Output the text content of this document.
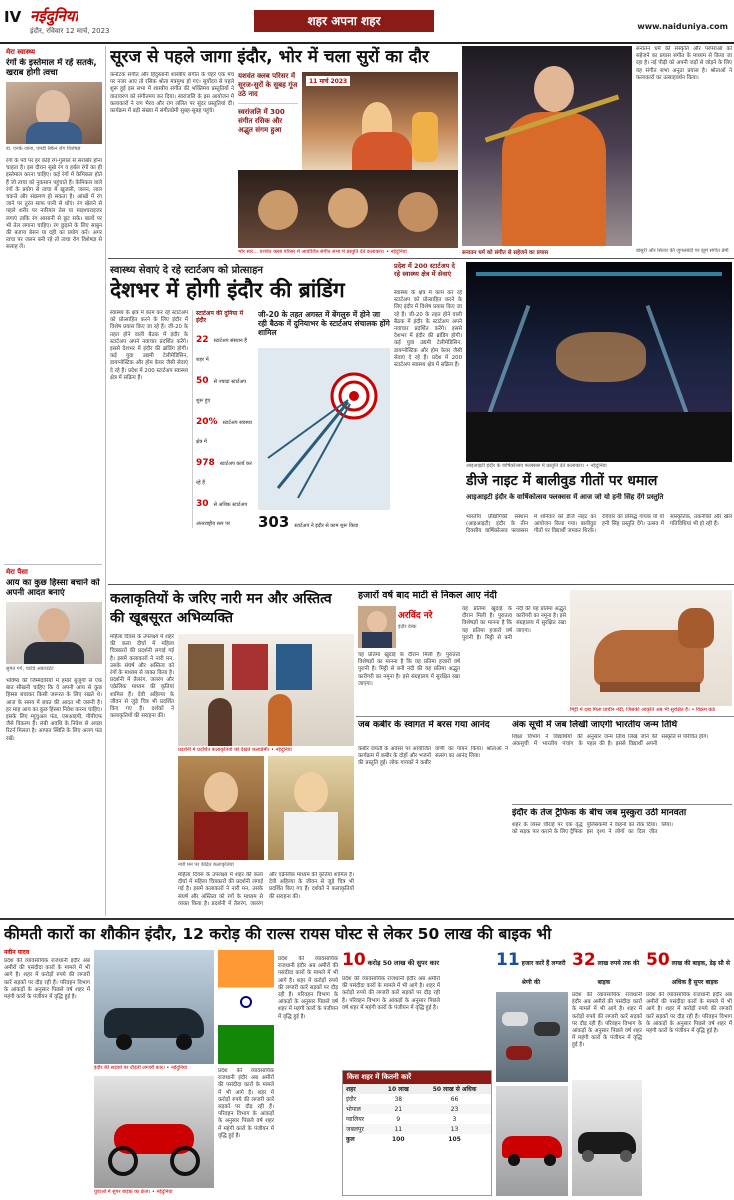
IV नईदुनिया
इंदौर, रविवार 12 मार्च, 2023
शहर अपना शहर	www.naiduniya.com
मेरा स्वास्थ्य
रंगों के इस्तेमाल में रहें सतर्क, खराब होगी त्वचा
डा. एनके जाना, एमडी स्किन रोग विशेषज्ञ
रंगों के पर्व पर हर कोई रंग-गुलाल से सराबोर होना चाहता है। इस दौरान सूखे रंग व हर्बल रंगों का ही इस्तेमाल करना चाहिए। कई रंगों में केमिकल होते हैं जो त्वचा को नुकसान पहुंचाते हैं। केमिकल वाले रंगों के प्रयोग से त्वचा में खुजली, जलन, लाल चकत्ते और संक्रमण हो सकता है। आंखों में रंग जाने पर तुरंत साफ पानी से धोएं। रंग खेलने से पहले शरीर पर नारियल तेल या माइश्चराइजर लगाएं ताकि रंग आसानी से छूट सके। बालों पर भी तेल लगाना चाहिए। रंग छुड़ाने के लिए साबुन की बजाय बेसन या दही का प्रयोग करें। अगर त्वचा पर जलन बनी रहे तो त्वचा रोग विशेषज्ञ से सलाह लें।
मेरा पैसा
आय का कुछ हिस्सा बचाने को अपनी आदत बनाएं
सुमंत गर्ग, चार्टर्ड अकाउंटेंट
भविष्य की जिम्मेदारियों में हमारे बुजुर्गों से एक बात सीखनी चाहिए कि वे अपनी आय से कुछ हिस्सा बचाकर किसी जरूरत के लिए रखते थे। आज के समय में बचत की आदत भी जरूरी है। हर माह आय का कुछ हिस्सा निवेश करना चाहिए। इसके लिए म्यूचुअल फंड, एसआइपी, पीपीएफ जैसे विकल्प हैं। लंबी अवधि के निवेश से अच्छा रिटर्न मिलता है। आपात स्थिति के लिए अलग फंड रखें।
सूरज से पहले जागा इंदौर, भोर में चला सुरों का दौर
कर्नाटक संगीत और हिंदुस्तानी शास्त्रीय संगीत के चेहरे एक मंच पर नजर आए तो रसिक श्रोता मंत्रमुग्ध हो गए। सूर्योदय से पहले शुरू हुई इस सभा में शास्त्रीय संगीत की भक्तिमय प्रस्तुतियों ने वातावरण को संगीतमय कर दिया। स्वरांजलि के इस आयोजन में कलाकारों ने राग भैरव और राग ललित पर सुंदर प्रस्तुतियां दीं। कार्यक्रम में बड़ी संख्या में संगीतप्रेमी सुबह-सुबह पहुंचे।
यशवंत क्लब परिसर में सूरज-सुरों के सुबह गूंज उठे नाद
स्वरांजलि में 300 संगीत रसिक और अद्भुत संगम हुआ
11 मार्च 2023
भोर स्वर... यशवंत क्लब परिसर में आयोजित संगीत सभा में प्रस्तुति देते कलाकार। • नईदुनिया
सनातन धर्म की संस्कृति और परंपराओं को सहेजने का प्रयास संगीत के माध्यम से किया जा रहा है। नई पीढ़ी को अपनी जड़ों से जोड़ने के लिए यह संगीत सभा अनूठा प्रयास है। श्रोताओं ने कलाकारों का उत्साहवर्धन किया।
सनातन धर्म को संगीत से सहेजने का प्रयास	बांसुरी और सितार की जुगलबंदी पर झूमे संगीत प्रेमी
स्वास्थ्य सेवाएं दे रहे स्टार्टअप को प्रोत्साहन
देशभर में होगी इंदौर की ब्रांडिंग
स्वास्थ्य के क्षेत्र में काम कर रहे स्टार्टअप को प्रोत्साहित करने के लिए इंदौर में विशेष प्रयास किए जा रहे हैं। जी-20 के तहत होने वाली बैठक में इंदौर के स्टार्टअप अपने नवाचार प्रदर्शित करेंगे। इससे देशभर में इंदौर की ब्रांडिंग होगी। कई युवा उद्यमी टेलीमेडिसिन, डायग्नोस्टिक और होम केयर जैसी सेवाएं दे रहे हैं। प्रदेश में 200 स्टार्टअप स्वास्थ्य क्षेत्र में सक्रिय हैं।
स्टार्टअप की दुनिया में इंदौर
22 स्टार्टअप संस्थान हैं शहर में
50 से ज्यादा स्टार्टअप शुरू हुए
20% स्टार्टअप स्वास्थ्य क्षेत्र में
978 स्टार्टअप कार्य कर रहे हैं
30 से अधिक स्टार्टअप अंतरराष्ट्रीय स्तर पर
जी-20 के तहत अगस्त में बेंगलुरु में होने जा रही बैठक में दुनियाभर के स्टार्टअप संचालक होंगे शामिल
303 स्टार्टअप ने इंदौर से काम शुरू किया
प्रदेश में 200 स्टार्टअप दे रहे स्वास्थ्य क्षेत्र में सेवाएं
स्वास्थ्य के क्षेत्र में काम कर रहे स्टार्टअप को प्रोत्साहित करने के लिए इंदौर में विशेष प्रयास किए जा रहे हैं। जी-20 के तहत होने वाली बैठक में इंदौर के स्टार्टअप अपने नवाचार प्रदर्शित करेंगे। इससे देशभर में इंदौर की ब्रांडिंग होगी। कई युवा उद्यमी टेलीमेडिसिन, डायग्नोस्टिक और होम केयर जैसी सेवाएं दे रहे हैं। प्रदेश में 200 स्टार्टअप स्वास्थ्य क्षेत्र में सक्रिय हैं।
आइआइटी इंदौर के वार्षिकोत्सव फ्लक्सस में प्रस्तुति देते कलाकार। • नईदुनिया
डीजे नाइट में बालीवुड गीतों पर धमाल
आइआइटी इंदौर के वार्षिकोत्सव फ्लक्सस में आज जो यो हनी सिंह देंगे प्रस्तुति
भारतीय प्रौद्योगिकी संस्थान (आइआइटी) इंदौर के तीन दिवसीय वार्षिकोत्सव फ्लक्सस में शनिवार को डीजे नाइट का आयोजन किया गया। बालीवुड गीतों पर विद्यार्थी जमकर थिरके। रविवार को प्रसिद्ध गायक यो यो हनी सिंह प्रस्तुति देंगे। उत्सव में सांस्कृतिक, तकनीकी और खेल गतिविधियां भी हो रही हैं।
कलाकृतियों के जरिए नारी मन और अस्तित्व की खूबसूरत अभिव्यक्ति
महिला दिवस के उपलक्ष्य में शहर की कला दीर्घा में महिला चित्रकारों की प्रदर्शनी लगाई गई है। इसमें कलाकारों ने नारी मन, उसके संघर्ष और अस्तित्व को रंगों के माध्यम से व्यक्त किया है। प्रदर्शनी में तैलरंग, जलरंग और एक्रेलिक माध्यम की कृतियां शामिल हैं। देवी अहिल्या के जीवन से जुड़े चित्र भी प्रदर्शित किए गए हैं। दर्शकों ने कलाकृतियों की सराहना की।
प्रदर्शनी में प्रदर्शित कलाकृतियों को देखते कलाप्रेमी। • नईदुनिया
नारी मन पर केंद्रित कलाकृतियां
महिला दिवस के उपलक्ष्य में शहर की कला दीर्घा में महिला चित्रकारों की प्रदर्शनी लगाई गई है। इसमें कलाकारों ने नारी मन, उसके संघर्ष और अस्तित्व को रंगों के माध्यम से व्यक्त किया है। प्रदर्शनी में तैलरंग, जलरंग और एक्रेलिक माध्यम की कृतियां शामिल हैं। देवी अहिल्या के जीवन से जुड़े चित्र भी प्रदर्शित किए गए हैं। दर्शकों ने कलाकृतियों की सराहना की।
हजारों वर्ष बाद माटी से निकल आए नंदी
अरविंद नरे
इंदौर डेस्क
यह प्रतिमा खुदाई के दौरान मिली है। पुरातत्व विशेषज्ञों का मानना है कि यह प्रतिमा हजारों वर्ष पुरानी है। मिट्टी से बनी नंदी की यह प्रतिमा अद्भुत कारीगरी का नमूना है। इसे संग्रहालय में सुरक्षित रखा जाएगा।
यह प्रतिमा खुदाई के दौरान मिली है। पुरातत्व विशेषज्ञों का मानना है कि यह प्रतिमा हजारों वर्ष पुरानी है। मिट्टी से बनी नंदी की यह प्रतिमा अद्भुत कारीगरी का नमूना है। इसे संग्रहालय में सुरक्षित रखा जाएगा।
मिट्टी में दबा मिला प्राचीन नंदी, जिसकी आकृति अब भी सुरक्षित है। • विक्रम कंठे
जब कबीर के स्वागत में बरस गया आनंद
कबीर जयंती के अवसर पर आयोजित कार्यक्रम में कबीर के दोहों और भजनों की प्रस्तुति हुई। लोक गायकों ने कबीर वाणी का गायन किया। श्रोताओं ने सत्संग का आनंद लिया।
अंक सूची में जब लिखी जाएगी भारतीय जन्म तिथि
शिक्षा विभाग ने विद्यार्थियों की अंकसूची में भारतीय पंचांग के अनुसार जन्म तिथि लिखे जाने की पहल की है। इससे विद्यार्थी अपनी संस्कृति से परिचित होंगे।
इंदौर के तेज ट्रैफिक के बीच जब मुस्कुरा उठी मानवता
शहर के व्यस्त चौराहे पर एक वृद्ध को सड़क पार कराने के लिए ट्रैफिक पुलिसकर्मी ने वाहनों को रोक दिया। इस दृश्य ने लोगों का दिल जीत लिया।
कीमती कारों का शौकीन इंदौर, 12 करोड़ की राल्स रायस घोस्ट से लेकर 50 लाख की बाइक भी
नवीन यादव
प्रदेश की व्यावसायिक राजधानी इंदौर अब अमीरों की पसंदीदा कारों के मामले में भी आगे है। शहर में करोड़ों रुपये की लग्जरी कारें सड़कों पर दौड़ रही हैं। परिवहन विभाग के आंकड़ों के अनुसार पिछले वर्ष शहर में महंगी कारों के पंजीयन में वृद्धि हुई है।
इंदौर की सड़कों पर दौड़ती लग्जरी कार। • नईदुनिया
युवाओं में सुपर बाइक का क्रेज। • नईदुनिया
प्रदेश की व्यावसायिक राजधानी इंदौर अब अमीरों की पसंदीदा कारों के मामले में भी आगे है। शहर में करोड़ों रुपये की लग्जरी कारें सड़कों पर दौड़ रही हैं। परिवहन विभाग के आंकड़ों के अनुसार पिछले वर्ष शहर में महंगी कारों के पंजीयन में वृद्धि हुई है।
प्रदेश की व्यावसायिक राजधानी इंदौर अब अमीरों की पसंदीदा कारों के मामले में भी आगे है। शहर में करोड़ों रुपये की लग्जरी कारें सड़कों पर दौड़ रही हैं। परिवहन विभाग के आंकड़ों के अनुसार पिछले वर्ष शहर में महंगी कारों के पंजीयन में वृद्धि हुई है।
10 करोड़ 50 लाख की सुपर कार
प्रदेश की व्यावसायिक राजधानी इंदौर अब अमीरों की पसंदीदा कारों के मामले में भी आगे है। शहर में करोड़ों रुपये की लग्जरी कारें सड़कों पर दौड़ रही हैं। परिवहन विभाग के आंकड़ों के अनुसार पिछले वर्ष शहर में महंगी कारों के पंजीयन में वृद्धि हुई है।
किस शहर में कितनी कारें
शहर	10 लाख	50 लाख से अधिक
इंदौर	38	66
भोपाल	21	23
ग्वालियर	9	3
जबलपुर	11	13
कुल	100	105
11 हजार कारें हैं लग्जरी श्रेणी की
32 लाख रुपये तक की बाइक
प्रदेश की व्यावसायिक राजधानी इंदौर अब अमीरों की पसंदीदा कारों के मामले में भी आगे है। शहर में करोड़ों रुपये की लग्जरी कारें सड़कों पर दौड़ रही हैं। परिवहन विभाग के आंकड़ों के अनुसार पिछले वर्ष शहर में महंगी कारों के पंजीयन में वृद्धि हुई है।
50 लाख की बाइक, डेढ़ सौ से अधिक हैं सुपर बाइक
प्रदेश की व्यावसायिक राजधानी इंदौर अब अमीरों की पसंदीदा कारों के मामले में भी आगे है। शहर में करोड़ों रुपये की लग्जरी कारें सड़कों पर दौड़ रही हैं। परिवहन विभाग के आंकड़ों के अनुसार पिछले वर्ष शहर में महंगी कारों के पंजीयन में वृद्धि हुई है।
